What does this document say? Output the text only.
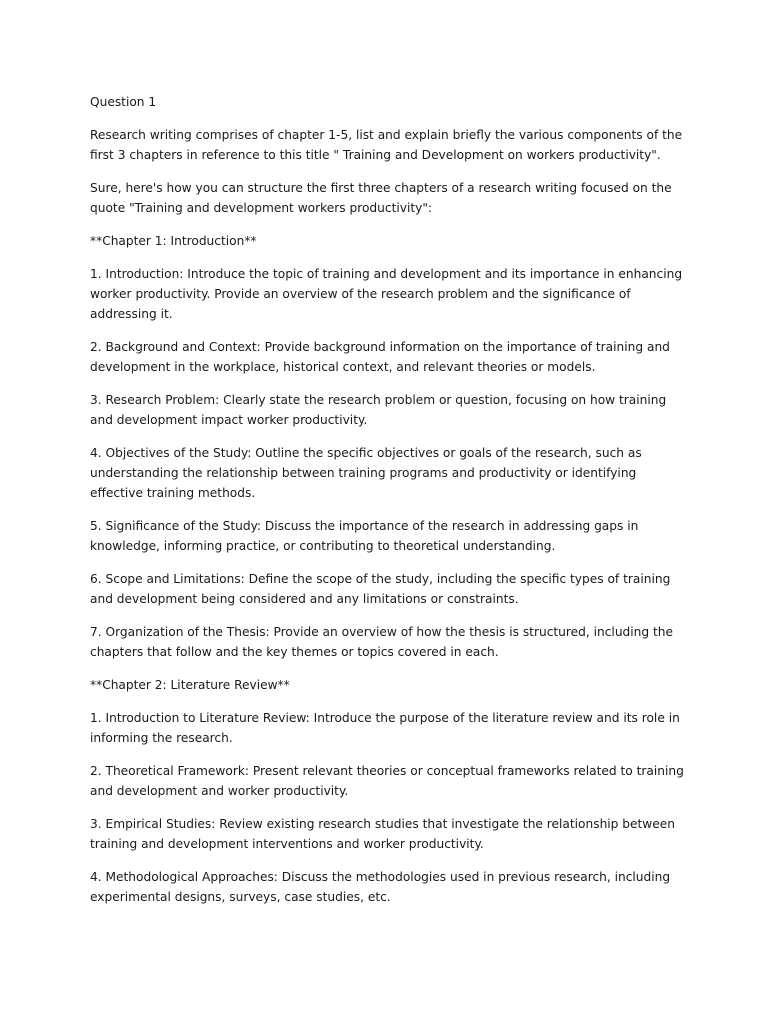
Question 1

Research writing comprises of chapter 1-5, list and explain briefly the various components of the first 3 chapters in reference to this title " Training and Development on workers productivity".

Sure, here's how you can structure the first three chapters of a research writing focused on the quote "Training and development workers productivity":

**Chapter 1: Introduction**

1. Introduction: Introduce the topic of training and development and its importance in enhancing worker productivity. Provide an overview of the research problem and the significance of addressing it.

2. Background and Context: Provide background information on the importance of training and development in the workplace, historical context, and relevant theories or models.

3. Research Problem: Clearly state the research problem or question, focusing on how training and development impact worker productivity.

4. Objectives of the Study: Outline the specific objectives or goals of the research, such as understanding the relationship between training programs and productivity or identifying effective training methods.

5. Significance of the Study: Discuss the importance of the research in addressing gaps in knowledge, informing practice, or contributing to theoretical understanding.

6. Scope and Limitations: Define the scope of the study, including the specific types of training and development being considered and any limitations or constraints.

7. Organization of the Thesis: Provide an overview of how the thesis is structured, including the chapters that follow and the key themes or topics covered in each.

**Chapter 2: Literature Review**

1. Introduction to Literature Review: Introduce the purpose of the literature review and its role in informing the research.

2. Theoretical Framework: Present relevant theories or conceptual frameworks related to training and development and worker productivity.

3. Empirical Studies: Review existing research studies that investigate the relationship between training and development interventions and worker productivity.

4. Methodological Approaches: Discuss the methodologies used in previous research, including experimental designs, surveys, case studies, etc.
